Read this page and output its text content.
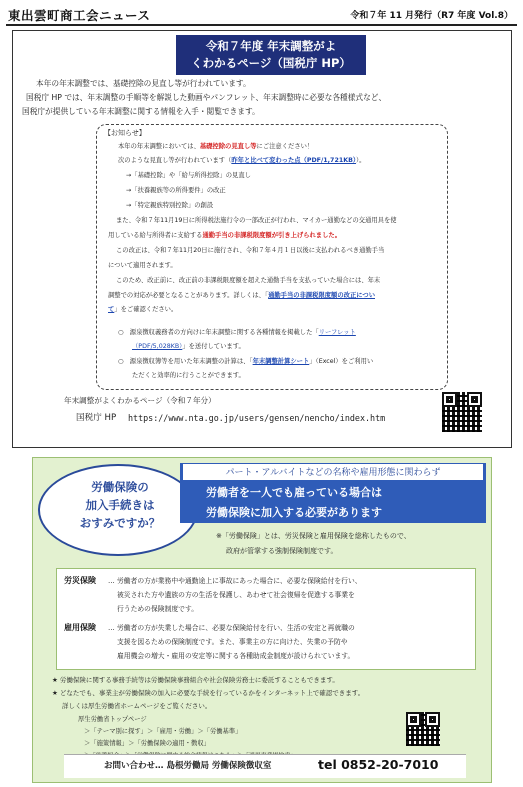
東出雲町商工会ニュース	令和７年 11 月発行（R7 年度 Vol.8）
令和７年度 年末調整がよ
くわかるページ（国税庁 HP）
本年の年末調整では、基礎控除の見直し等が行われています。
国税庁 HP では、年末調整の手順等を解説した動画やパンフレット、年末調整時に必要な各種様式など、
国税庁が提供している年末調整に関する情報を入手・閲覧できます。
【お知らせ】
本年の年末調整においては、基礎控除の見直し等にご注意ください！
次のような見直し等が行われています（昨年と比べて変わった点（PDF/1,721KB））。
→「基礎控除」や「給与所得控除」の見直し
→「扶養親族等の所得要件」の改正
→「特定親族特別控除」の創設
また、令和７年11月19日に所得税法施行令の一部改正が行われ、マイカー通勤などの交通用具を使
用している給与所得者に支給する通勤手当の非課税限度額が引き上げられました。
この改正は、令和７年11月20日に施行され、令和７年４月１日以後に支払われるべき通勤手当
について適用されます。
このため、改正前に、改正前の非課税限度額を超えた通勤手当を支払っていた場合には、年末
調整での対応が必要となることがあります。詳しくは、「通勤手当の非課税限度額の改正につい
て」をご確認ください。
○　源泉徴収義務者の方向けに年末調整に関する各種情報を掲載した「リーフレット
（PDF/5,028KB）」を送付しています。
○　源泉徴収簿等を用いた年末調整の計算は、「年末調整計算シート」（Excel）をご利用い
ただくと効率的に行うことができます。
年末調整がよくわかるページ（令和７年分）
国税庁 HP https://www.nta.go.jp/users/gensen/nencho/index.htm
労働保険の
加入手続きは
おすみですか？
パート・アルバイトなどの名称や雇用形態に関わらず
労働者を一人でも雇っている場合は
労働保険に加入する必要があります
※「労働保険」とは、労災保険と雇用保険を総称したもので、
政府が管掌する強制保険制度です。
労災保険 … 労働者の方が業務中や通勤途上に事故にあった場合に、必要な保険給付を行い、
被災された方や遺族の方の生活を保護し、あわせて社会復帰を促進する事業を
行うための保険制度です。
雇用保険 … 労働者の方が失業した場合に、必要な保険給付を行い、生活の安定と再就職の
支援を図るための保険制度です。また、事業主の方に向けた、失業の予防や
雇用機会の増大・雇用の安定等に関する各種助成金制度が設けられています。
★ 労働保険に関する事務手続等は労働保険事務組合や社会保険労務士に委託することもできます。
★ どなたでも、事業主が労働保険の加入に必要な手続を行っているかをインターネット上で確認できます。
詳しくは厚生労働省ホームページをご覧ください。
厚生労働省トップページ
＞「テーマ別に探す」＞「雇用・労働」＞「労働基準」
＞「施策情報」＞「労働保険の適用・徴収」
お問い合わせ… 島根労働局 労働保険徴収室	tel 0852-20-7010
